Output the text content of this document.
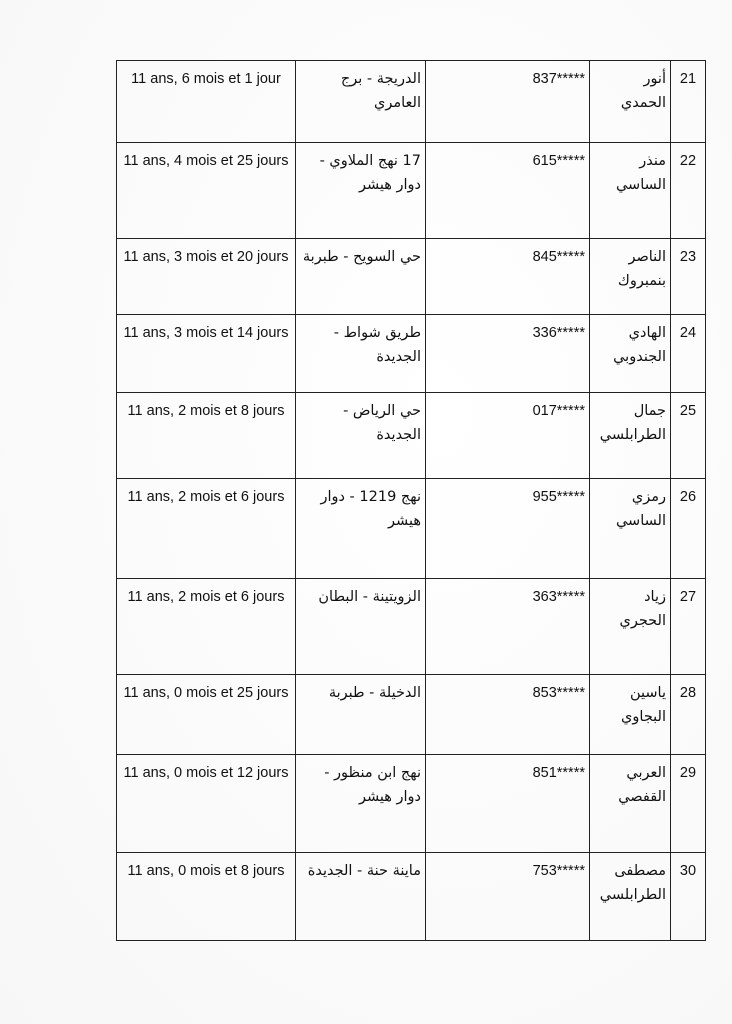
11 ans, 6 mois et 1 jour	الدريجة - برج العامري	837*****	أنور الحمدي	21
11 ans, 4 mois et 25 jours	17 نهج الملاوي - دوار هيشر	615*****	منذر الساسي	22
11 ans, 3 mois et 20 jours	حي السويح - طبربة	845*****	الناصر بنمبروك	23
11 ans, 3 mois et 14 jours	طريق شواط - الجديدة	336*****	الهادي الجندوبي	24
11 ans, 2 mois et 8 jours	حي الرياض - الجديدة	017*****	جمال الطرابلسي	25
11 ans, 2 mois et 6 jours	نهج 1219 - دوار هيشر	955*****	رمزي الساسي	26
11 ans, 2 mois et 6 jours	الزويتينة - البطان	363*****	زياد الحجري	27
11 ans, 0 mois et 25 jours	الدخيلة - طبربة	853*****	ياسين البجاوي	28
11 ans, 0 mois et 12 jours	نهج ابن منظور - دوار هيشر	851*****	العربي القفصي	29
11 ans, 0 mois et 8 jours	ماينة حنة - الجديدة	753*****	مصطفى الطرابلسي	30
